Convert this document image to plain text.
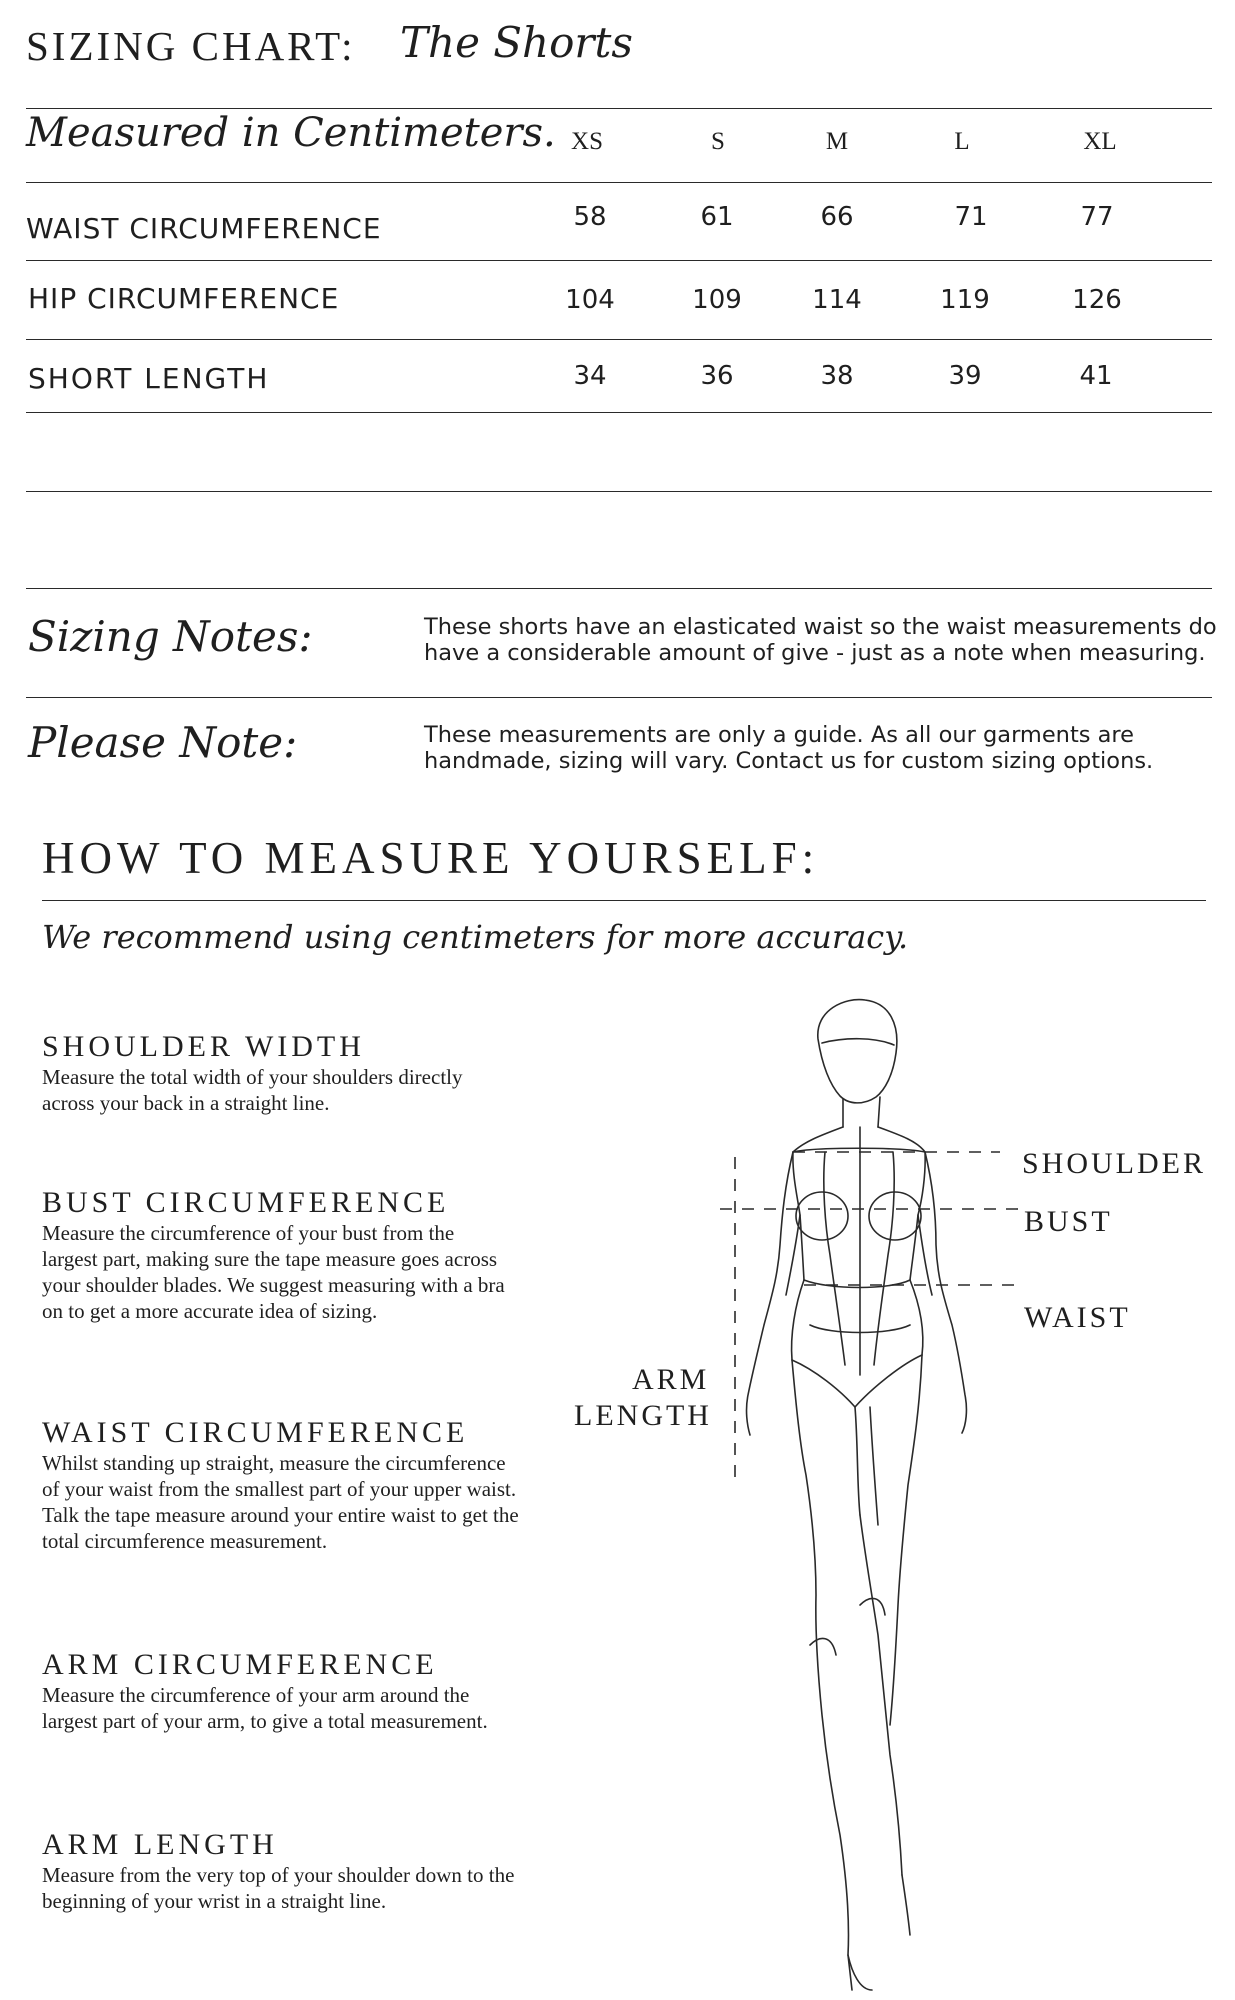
SIZING CHART: The Shorts
Measured in Centimeters. XS	S	M	L	XL
WAIST CIRCUMFERENCE	58	61	66	71	77
HIP CIRCUMFERENCE	104	109	114	119	126
SHORT LENGTH	34	36	38	39	41
Sizing Notes:	These shorts have an elasticated waist so the waist measurements do have a considerable amount of give - just as a note when measuring.
Please Note:	These measurements are only a guide. As all our garments are handmade, sizing will vary. Contact us for custom sizing options.
HOW TO MEASURE YOURSELF:
We recommend using centimeters for more accuracy.
SHOULDER WIDTH
Measure the total width of your shoulders directly across your back in a straight line.
BUST CIRCUMFERENCE
Measure the circumference of your bust from the largest part, making sure the tape measure goes across your shoulder blades. We suggest measuring with a bra on to get a more accurate idea of sizing.
WAIST CIRCUMFERENCE
Whilst standing up straight, measure the circumference of your waist from the smallest part of your upper waist. Talk the tape measure around your entire waist to get the total circumference measurement.
ARM CIRCUMFERENCE
Measure the circumference of your arm around the largest part of your arm, to give a total measurement.
ARM LENGTH
Measure from the very top of your shoulder down to the beginning of your wrist in a straight line.
SHOULDER
BUST
WAIST
ARM
LENGTH
